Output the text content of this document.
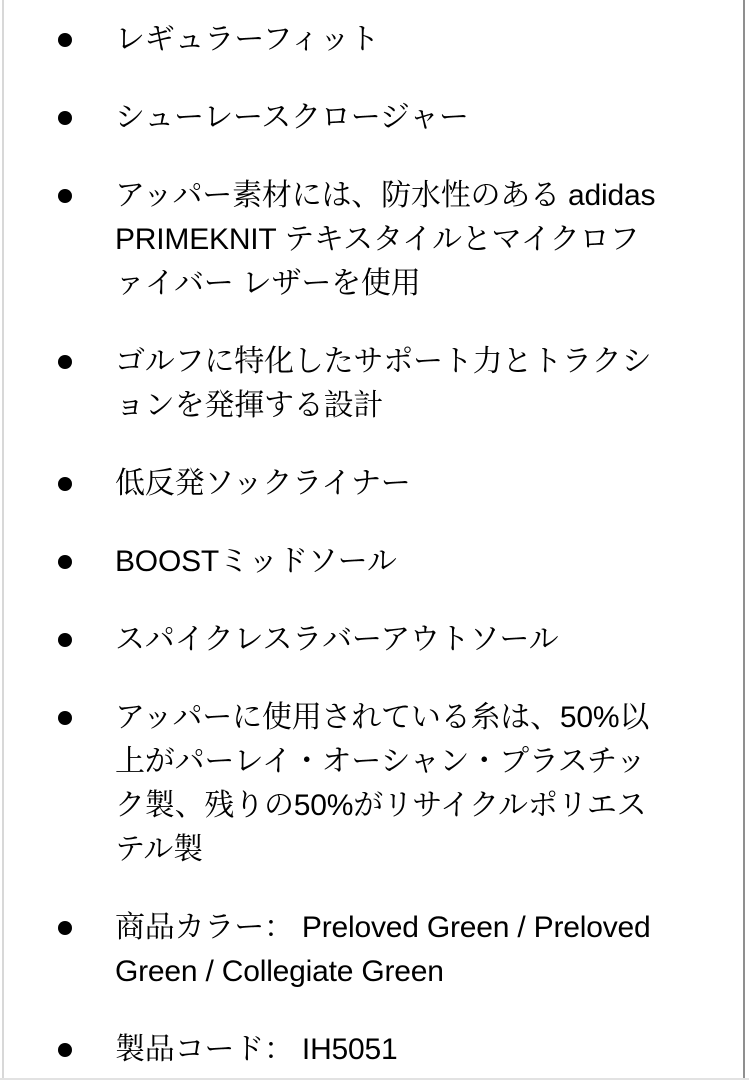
レギュラーフィット
シューレースクロージャー
アッパー素材には、防水性のある adidas PRIMEKNIT テキスタイルとマイクロファイバー レザーを使用
ゴルフに特化したサポート力とトラクションを発揮する設計
低反発ソックライナー
BOOSTミッドソール
スパイクレスラバーアウトソール
アッパーに使用されている糸は、50%以上がパーレイ・オーシャン・プラスチック製、残りの50%がリサイクルポリエステル製
商品カラー： Preloved Green / Preloved Green / Collegiate Green
製品コード： IH5051
